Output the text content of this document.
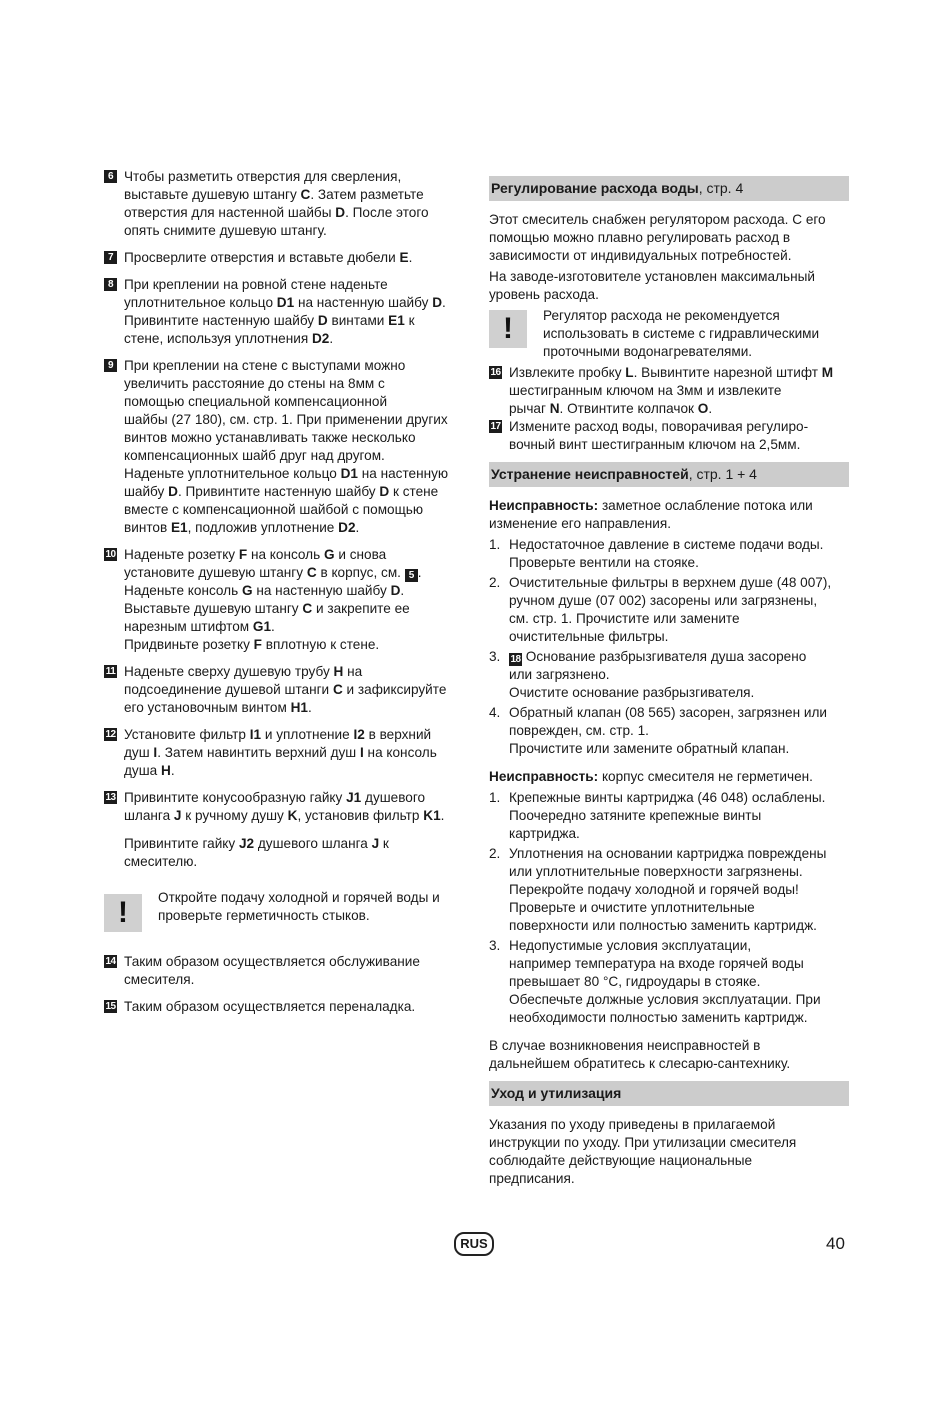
6 Чтобы разметить отверстия для сверления,
выставьте душевую штангу C. Затем разметьте
отверстия для настенной шайбы D. После этого
опять снимите душевую штангу.
7 Просверлите отверстия и вставьте дюбели E.
8 При креплении на ровной стене наденьте
уплотнительное кольцо D1 на настенную шайбу D.
Привинтите настенную шайбу D винтами E1 к
стене, используя уплотнения D2.
9 При креплении на стене с выступами можно
увеличить расстояние до стены на 8мм с
помощью специальной компенсационной
шайбы (27 180), см. стр. 1. При применении других
винтов можно устанавливать также несколько
компенсационных шайб друг над другом.
Наденьте уплотнительное кольцо D1 на настенную
шайбу D. Привинтите настенную шайбу D к стене
вместе с компенсационной шайбой с помощью
винтов E1, подложив уплотнение D2.
10 Наденьте розетку F на консоль G и снова
установите душевую штангу C в корпус, см. 5 .
Наденьте консоль G на настенную шайбу D.
Выставьте душевую штангу C и закрепите ее
нарезным штифтом G1.
Придвиньте розетку F вплотную к стене.
11 Наденьте сверху душевую трубу H на
подсоединение душевой штанги C и зафиксируйте
его установочным винтом H1.
12 Установите фильтр I1 и уплотнение I2 в верхний
душ I. Затем навинтить верхний душ I на консоль
душа H.
13 Привинтите конусообразную гайку J1 душевого
шланга J к ручному душу K, установив фильтр K1.
Привинтите гайку J2 душевого шланга J к
смесителю.
!	Откройте подачу холодной и горячей воды и
проверьте герметичность стыков.
14 Таким образом осуществляется обслуживание
смесителя.
15 Таким образом осуществляется переналадка.
Регулирование расхода воды, стр. 4
Этот смеситель снабжен регулятором расхода. С его
помощью можно плавно регулировать расход в
зависимости от индивидуальных потребностей.
На заводе-изготовителе установлен максимальный
уровень расхода.
!	Регулятор расхода не рекомендуется
использовать в системе с гидравлическими
проточными водонагревателями.
16 Извлеките пробку L. Вывинтите нарезной штифт M
шестигранным ключом на 3мм и извлеките
рычаг N. Отвинтите колпачок O.
17 Измените расход воды, поворачивая регулиро-
вочный винт шестигранным ключом на 2,5мм.
Устранение неисправностей, стр. 1 + 4
Неисправность: заметное ослабление потока или
изменение его направления.
1. Недостаточное давление в системе подачи воды.
Проверьте вентили на стояке.
2. Очистительные фильтры в верхнем душе (48 007),
ручном душе (07 002) засорены или загрязнены,
см. стр. 1. Прочистите или замените
очистительные фильтры.
3. 18 Основание разбрызгивателя душа засорено
или загрязнено.
Очистите основание разбрызгивателя.
4. Обратный клапан (08 565) засорен, загрязнен или
поврежден, см. стр. 1.
Прочистите или замените обратный клапан.
Неисправность: корпус смесителя не герметичен.
1. Крепежные винты картриджа (46 048) ослаблены.
Поочередно затяните крепежные винты
картриджа.
2. Уплотнения на основании картриджа повреждены
или уплотнительные поверхности загрязнены.
Перекройте подачу холодной и горячей воды!
Проверьте и очистите уплотнительные
поверхности или полностью заменить картридж.
3. Недопустимые условия эксплуатации,
например температура на входе горячей воды
превышает 80 °C, гидроудары в стояке.
Обеспечьте должные условия эксплуатации. При
необходимости полностью заменить картридж.
В случае возникновения неисправностей в
дальнейшем обратитесь к слесарю-сантехнику.
Уход и утилизация
Указания по уходу приведены в прилагаемой
инструкции по уходу. При утилизации смесителя
соблюдайте действующие национальные
предписания.
RUS	40
